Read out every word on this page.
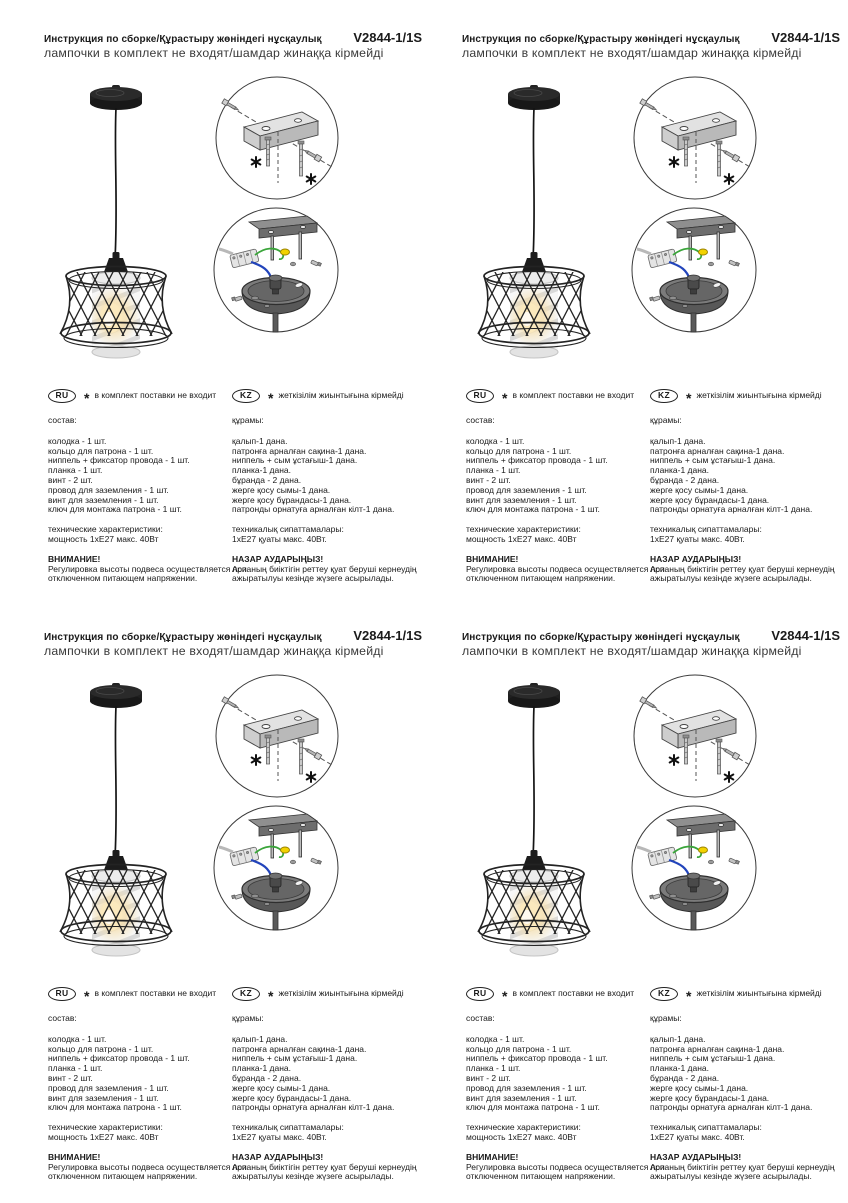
Инструкция по сборке/Құрастыру жөніндегі нұсқаулық V2844-1/1S
лампочки в комплект не входят/шамдар жинаққа кірмейді
RU	* в комплект поставки не входит
состав:
колодка - 1 шт.
кольцо для патрона - 1 шт.
ниппель + фиксатор провода - 1 шт.
планка - 1 шт.
винт - 2 шт.
провод для заземления - 1 шт.
винт для заземления - 1 шт.
ключ для монтажа патрона - 1 шт.
технические характеристики:
мощность 1хЕ27 макс. 40Вт
ВНИМАНИЕ!
Регулировка высоты подвеса осуществляется при отключенном питающем напряжении.
KZ	* жеткізілім жиынтығына кірмейді
құрамы:
қалып-1 дана.
патронға арналған сақина-1 дана.
ниппель + сым ұстағыш-1 дана.
планка-1 дана.
бұранда - 2 дана.
жерге қосу сымы-1 дана.
жерге қосу бұрандасы-1 дана.
патронды орнатуға арналған кілт-1 дана.
техникалық сипаттамалары:
1хЕ27 қуаты макс. 40Вт.
НАЗАР АУДАРЫҢЫЗ!
Аспаның биіктігін реттеу қуат беруші кернеудің ажыратылуы кезінде жүзеге асырылады.
Инструкция по сборке/Құрастыру жөніндегі нұсқаулық V2844-1/1S
лампочки в комплект не входят/шамдар жинаққа кірмейді
RU	* в комплект поставки не входит
состав:
колодка - 1 шт.
кольцо для патрона - 1 шт.
ниппель + фиксатор провода - 1 шт.
планка - 1 шт.
винт - 2 шт.
провод для заземления - 1 шт.
винт для заземления - 1 шт.
ключ для монтажа патрона - 1 шт.
технические характеристики:
мощность 1хЕ27 макс. 40Вт
ВНИМАНИЕ!
Регулировка высоты подвеса осуществляется при отключенном питающем напряжении.
KZ	* жеткізілім жиынтығына кірмейді
құрамы:
қалып-1 дана.
патронға арналған сақина-1 дана.
ниппель + сым ұстағыш-1 дана.
планка-1 дана.
бұранда - 2 дана.
жерге қосу сымы-1 дана.
жерге қосу бұрандасы-1 дана.
патронды орнатуға арналған кілт-1 дана.
техникалық сипаттамалары:
1хЕ27 қуаты макс. 40Вт.
НАЗАР АУДАРЫҢЫЗ!
Аспаның биіктігін реттеу қуат беруші кернеудің ажыратылуы кезінде жүзеге асырылады.
Инструкция по сборке/Құрастыру жөніндегі нұсқаулық V2844-1/1S
лампочки в комплект не входят/шамдар жинаққа кірмейді
RU	* в комплект поставки не входит
состав:
колодка - 1 шт.
кольцо для патрона - 1 шт.
ниппель + фиксатор провода - 1 шт.
планка - 1 шт.
винт - 2 шт.
провод для заземления - 1 шт.
винт для заземления - 1 шт.
ключ для монтажа патрона - 1 шт.
технические характеристики:
мощность 1хЕ27 макс. 40Вт
ВНИМАНИЕ!
Регулировка высоты подвеса осуществляется при отключенном питающем напряжении.
KZ	* жеткізілім жиынтығына кірмейді
құрамы:
қалып-1 дана.
патронға арналған сақина-1 дана.
ниппель + сым ұстағыш-1 дана.
планка-1 дана.
бұранда - 2 дана.
жерге қосу сымы-1 дана.
жерге қосу бұрандасы-1 дана.
патронды орнатуға арналған кілт-1 дана.
техникалық сипаттамалары:
1хЕ27 қуаты макс. 40Вт.
НАЗАР АУДАРЫҢЫЗ!
Аспаның биіктігін реттеу қуат беруші кернеудің ажыратылуы кезінде жүзеге асырылады.
Инструкция по сборке/Құрастыру жөніндегі нұсқаулық V2844-1/1S
лампочки в комплект не входят/шамдар жинаққа кірмейді
RU	* в комплект поставки не входит
состав:
колодка - 1 шт.
кольцо для патрона - 1 шт.
ниппель + фиксатор провода - 1 шт.
планка - 1 шт.
винт - 2 шт.
провод для заземления - 1 шт.
винт для заземления - 1 шт.
ключ для монтажа патрона - 1 шт.
технические характеристики:
мощность 1хЕ27 макс. 40Вт
ВНИМАНИЕ!
Регулировка высоты подвеса осуществляется при отключенном питающем напряжении.
KZ	* жеткізілім жиынтығына кірмейді
құрамы:
қалып-1 дана.
патронға арналған сақина-1 дана.
ниппель + сым ұстағыш-1 дана.
планка-1 дана.
бұранда - 2 дана.
жерге қосу сымы-1 дана.
жерге қосу бұрандасы-1 дана.
патронды орнатуға арналған кілт-1 дана.
техникалық сипаттамалары:
1хЕ27 қуаты макс. 40Вт.
НАЗАР АУДАРЫҢЫЗ!
Аспаның биіктігін реттеу қуат беруші кернеудің ажыратылуы кезінде жүзеге асырылады.
